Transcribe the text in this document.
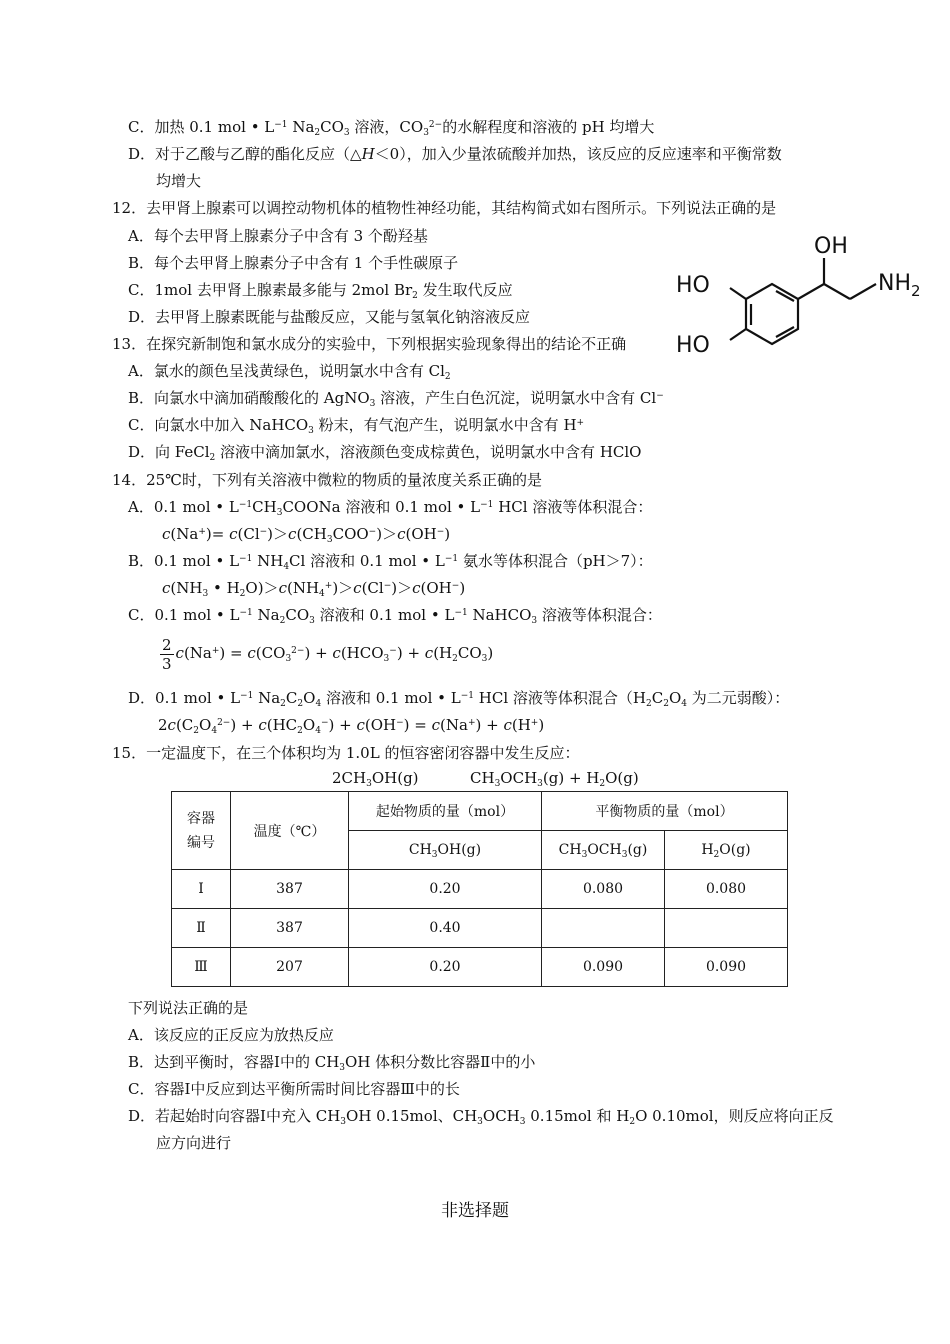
C．加热 0.1 mol • $L^{-1}$ $Na_2CO_3$ 溶液，$CO_3^{2-}$的水解程度和溶液的 pH 均增大
D．对于乙酸与乙醇的酯化反应（△H＜0），加入少量浓硫酸并加热，该反应的反应速率和平衡常数
均增大
12．去甲肾上腺素可以调控动物机体的植物性神经功能，其结构简式如右图所示。下列说法正确的是
A．每个去甲肾上腺素分子中含有 3 个酚羟基
B．每个去甲肾上腺素分子中含有 1 个手性碳原子
C．1mol 去甲肾上腺素最多能与 2mol $Br_2$ 发生取代反应
D．去甲肾上腺素既能与盐酸反应，又能与氢氧化钠溶液反应
OH
HO
HO
$NH_2$
13．在探究新制饱和氯水成分的实验中，下列根据实验现象得出的结论不正确
A．氯水的颜色呈浅黄绿色，说明氯水中含有 $Cl_2$
B．向氯水中滴加硝酸酸化的 AgNO$_3$ 溶液，产生白色沉淀，说明氯水中含有 Cl−
C．向氯水中加入 NaHCO$_3$ 粉末，有气泡产生，说明氯水中含有 H+
D．向 FeCl$_2$ 溶液中滴加氯水，溶液颜色变成棕黄色，说明氯水中含有 HClO
14．25℃时，下列有关溶液中微粒的物质的量浓度关系正确的是
A．0.1 mol • $L^{-1}CH_3COONa$ 溶液和 0.1 mol • $L^{-1}$ HCl 溶液等体积混合：
$c(Na^+)= c(Cl^-)>c(CH_3COO^-)>c(OH^-)$
B．0.1 mol • $L^{-1}$ $NH_4Cl$ 溶液和 0.1 mol • $L^{-1}$ 氨水等体积混合（pH＞7）：
$c(NH_3$ • $H_2O)>c(NH_4^+)>c(Cl^-)>c(OH^-)$
C．0.1 mol • $L^{-1}$ $Na_2CO_3$ 溶液和 0.1 mol • $L^{-1}$ NaHCO$_3$ 溶液等体积混合：
$\frac{2}{3} c(Na^+) = c(CO_3^{2-}) + c(HCO_3^-) + c(H_2CO_3)$
D．0.1 mol • $L^{-1}$ $Na_2C_2O_4$ 溶液和 0.1 mol • $L^{-1}$ HCl 溶液等体积混合（$H_2C_2O_4$ 为二元弱酸）：
$2c(C_2O_4^{2-}) + c(HC_2O_4^-) + c(OH^-) = c(Na^+) + c(H^+)$
15．一定温度下，在三个体积均为 1.0L 的恒容密闭容器中发生反应：
$2CH_3OH(g)$	$CH_3OCH_3(g) + H_2O(g)$
容器
编号	温度（℃）	起始物质的量（mol）	平衡物质的量（mol）	
		$CH_3OH(g)$	$CH_3OCH_3(g)$	$H_2O(g)$
Ⅰ	387	0.20	0.080	0.080
Ⅱ	387	0.40		
Ⅲ	207	0.20	0.090	0.090
下列说法正确的是
A．该反应的正反应为放热反应
B．达到平衡时，容器Ⅰ中的 $CH_3OH$ 体积分数比容器Ⅱ中的小
C．容器Ⅰ中反应到达平衡所需时间比容器Ⅲ中的长
D．若起始时向容器Ⅰ中充入 $CH_3OH$ 0.15mol、$CH_3OCH_3$ 0.15mol 和 $H_2O$ 0.10mol，则反应将向正反
应方向进行
非选择题
